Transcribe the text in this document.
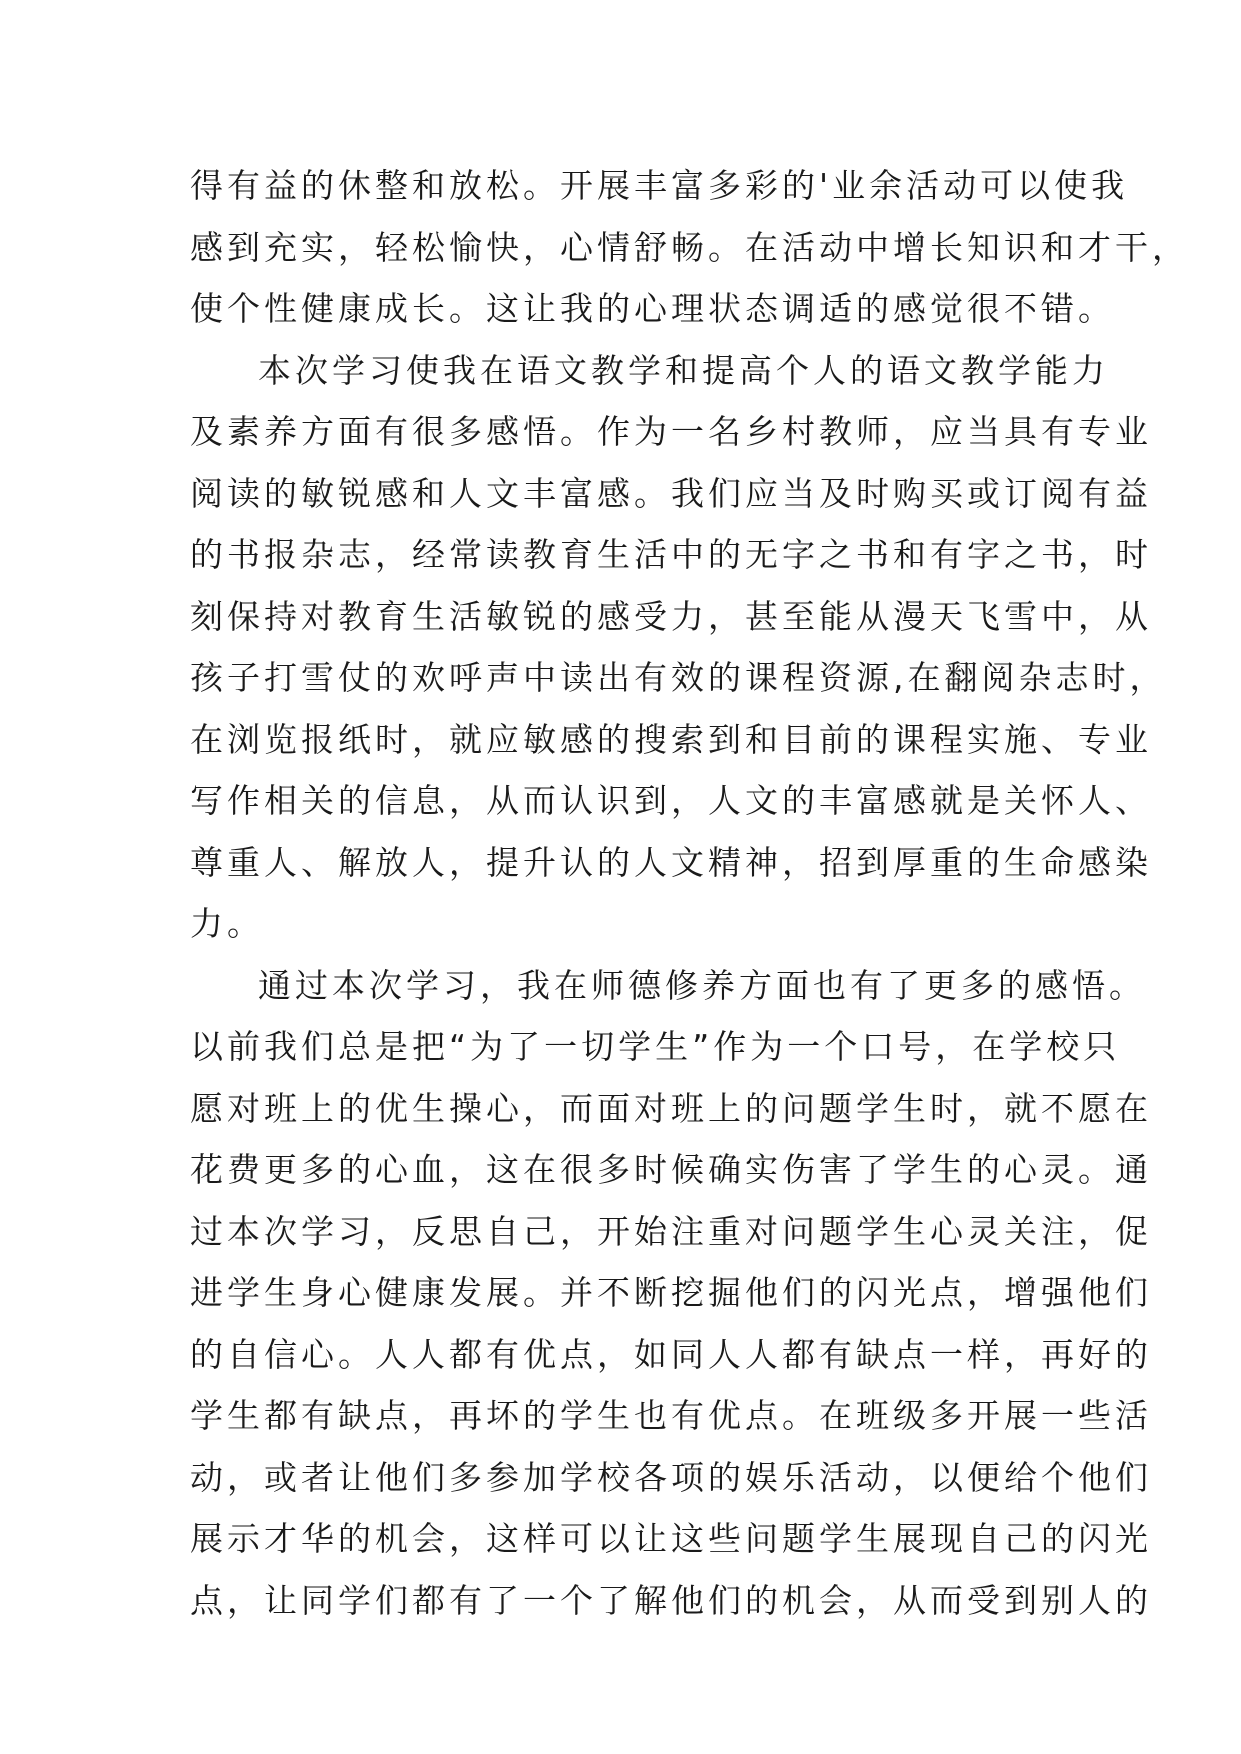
得有益的休整和放松。开展丰富多彩的'业余活动可以使我
感到充实，轻松愉快，心情舒畅。在活动中增长知识和才干，
使个性健康成长。这让我的心理状态调适的感觉很不错。
本次学习使我在语文教学和提高个人的语文教学能力
及素养方面有很多感悟。作为一名乡村教师，应当具有专业
阅读的敏锐感和人文丰富感。我们应当及时购买或订阅有益
的书报杂志，经常读教育生活中的无字之书和有字之书，时
刻保持对教育生活敏锐的感受力，甚至能从漫天飞雪中，从
孩子打雪仗的欢呼声中读出有效的课程资源,在翻阅杂志时，
在浏览报纸时，就应敏感的搜索到和目前的课程实施、专业
写作相关的信息，从而认识到，人文的丰富感就是关怀人、
尊重人、解放人，提升认的人文精神，招到厚重的生命感染
力。
通过本次学习，我在师德修养方面也有了更多的感悟。
以前我们总是把“为了一切学生”作为一个口号，在学校只
愿对班上的优生操心，而面对班上的问题学生时，就不愿在
花费更多的心血，这在很多时候确实伤害了学生的心灵。通
过本次学习，反思自己，开始注重对问题学生心灵关注，促
进学生身心健康发展。并不断挖掘他们的闪光点，增强他们
的自信心。人人都有优点，如同人人都有缺点一样，再好的
学生都有缺点，再坏的学生也有优点。在班级多开展一些活
动，或者让他们多参加学校各项的娱乐活动，以便给个他们
展示才华的机会，这样可以让这些问题学生展现自己的闪光
点，让同学们都有了一个了解他们的机会，从而受到别人的
